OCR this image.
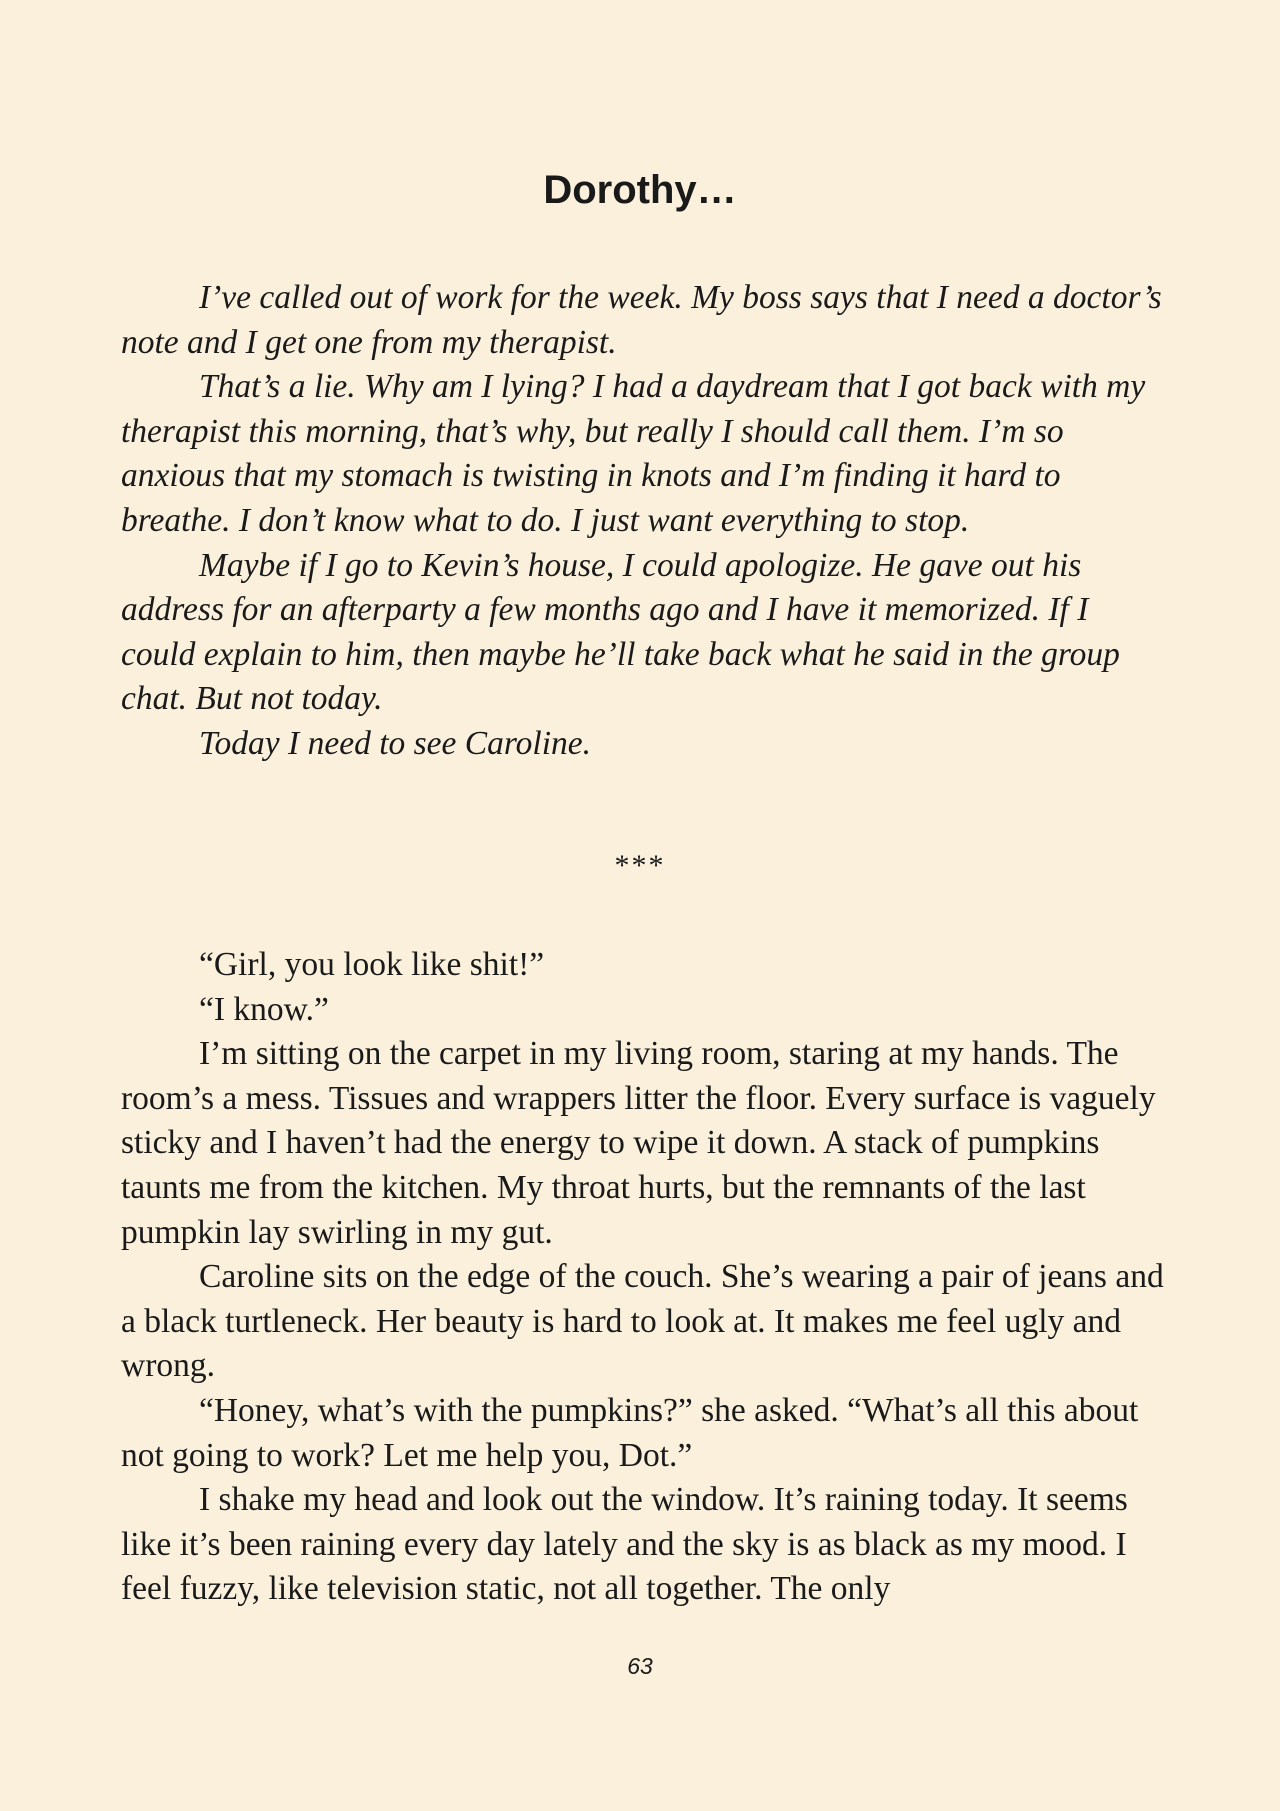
Dorothy…

I’ve called out of work for the week. My boss says that I need a doctor’s note and I get one from my therapist.

That’s a lie. Why am I lying? I had a daydream that I got back with my therapist this morning, that’s why, but really I should call them. I’m so anxious that my stomach is twisting in knots and I’m finding it hard to breathe. I don’t know what to do. I just want everything to stop.

Maybe if I go to Kevin’s house, I could apologize. He gave out his address for an afterparty a few months ago and I have it memorized. If I could explain to him, then maybe he’ll take back what he said in the group chat. But not today.

Today I need to see Caroline.

***

“Girl, you look like shit!”

“I know.”

I’m sitting on the carpet in my living room, staring at my hands. The room’s a mess. Tissues and wrappers litter the floor. Every surface is vaguely sticky and I haven’t had the energy to wipe it down. A stack of pumpkins taunts me from the kitchen. My throat hurts, but the remnants of the last pumpkin lay swirling in my gut.

Caroline sits on the edge of the couch. She’s wearing a pair of jeans and a black turtleneck. Her beauty is hard to look at. It makes me feel ugly and wrong.

“Honey, what’s with the pumpkins?” she asked. “What’s all this about not going to work? Let me help you, Dot.”

I shake my head and look out the window. It’s raining today. It seems like it’s been raining every day lately and the sky is as black as my mood. I feel fuzzy, like television static, not all together. The only

63
